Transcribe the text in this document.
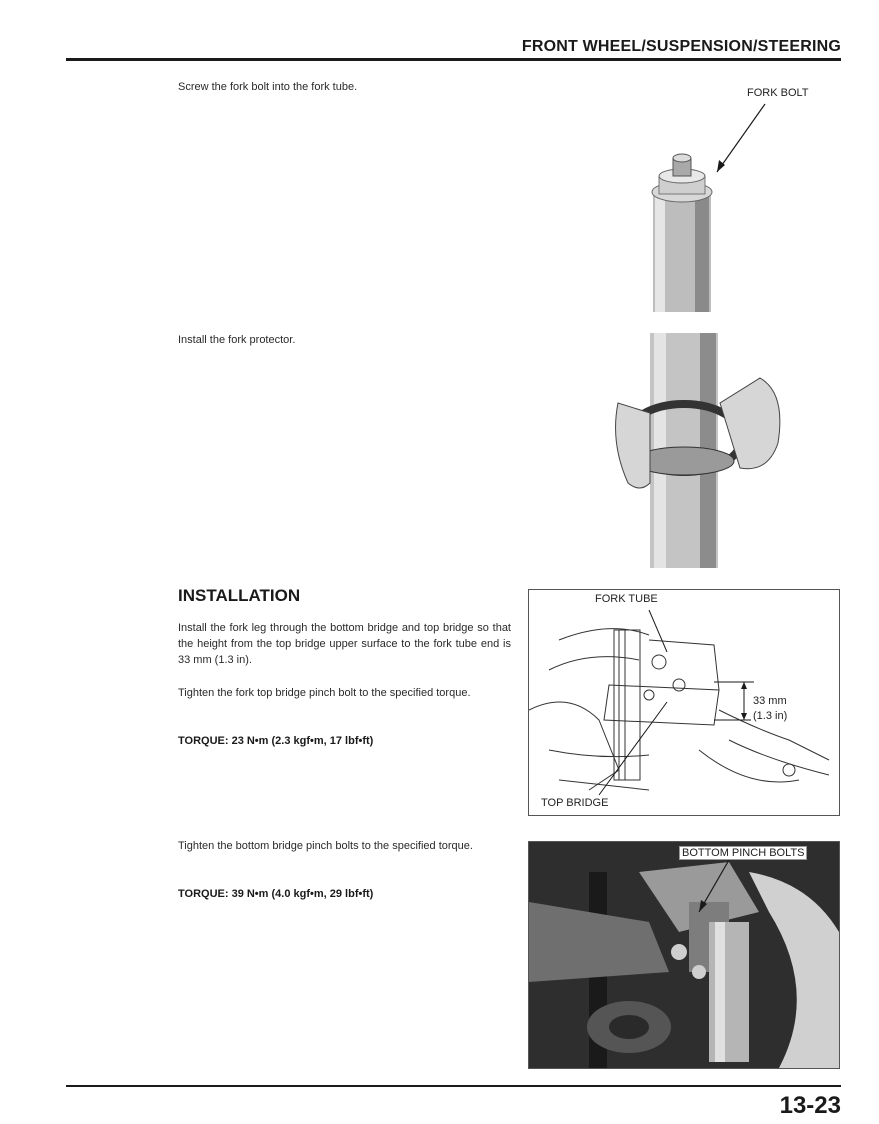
FRONT WHEEL/SUSPENSION/STEERING
Screw the fork bolt into the fork tube.	FORK BOLT
Install the fork protector.
INSTALLATION
Install the fork leg through the bottom bridge and top bridge so that the height from the top bridge upper surface to the fork tube end is 33 mm (1.3 in).
Tighten the fork top bridge pinch bolt to the specified torque.
TORQUE: 23 N•m (2.3 kgf•m, 17 lbf•ft)
FORK TUBE
33 mm
(1.3 in)
TOP BRIDGE
Tighten the bottom bridge pinch bolts to the specified torque.
TORQUE: 39 N•m (4.0 kgf•m, 29 lbf•ft)
BOTTOM PINCH BOLTS
13-23
